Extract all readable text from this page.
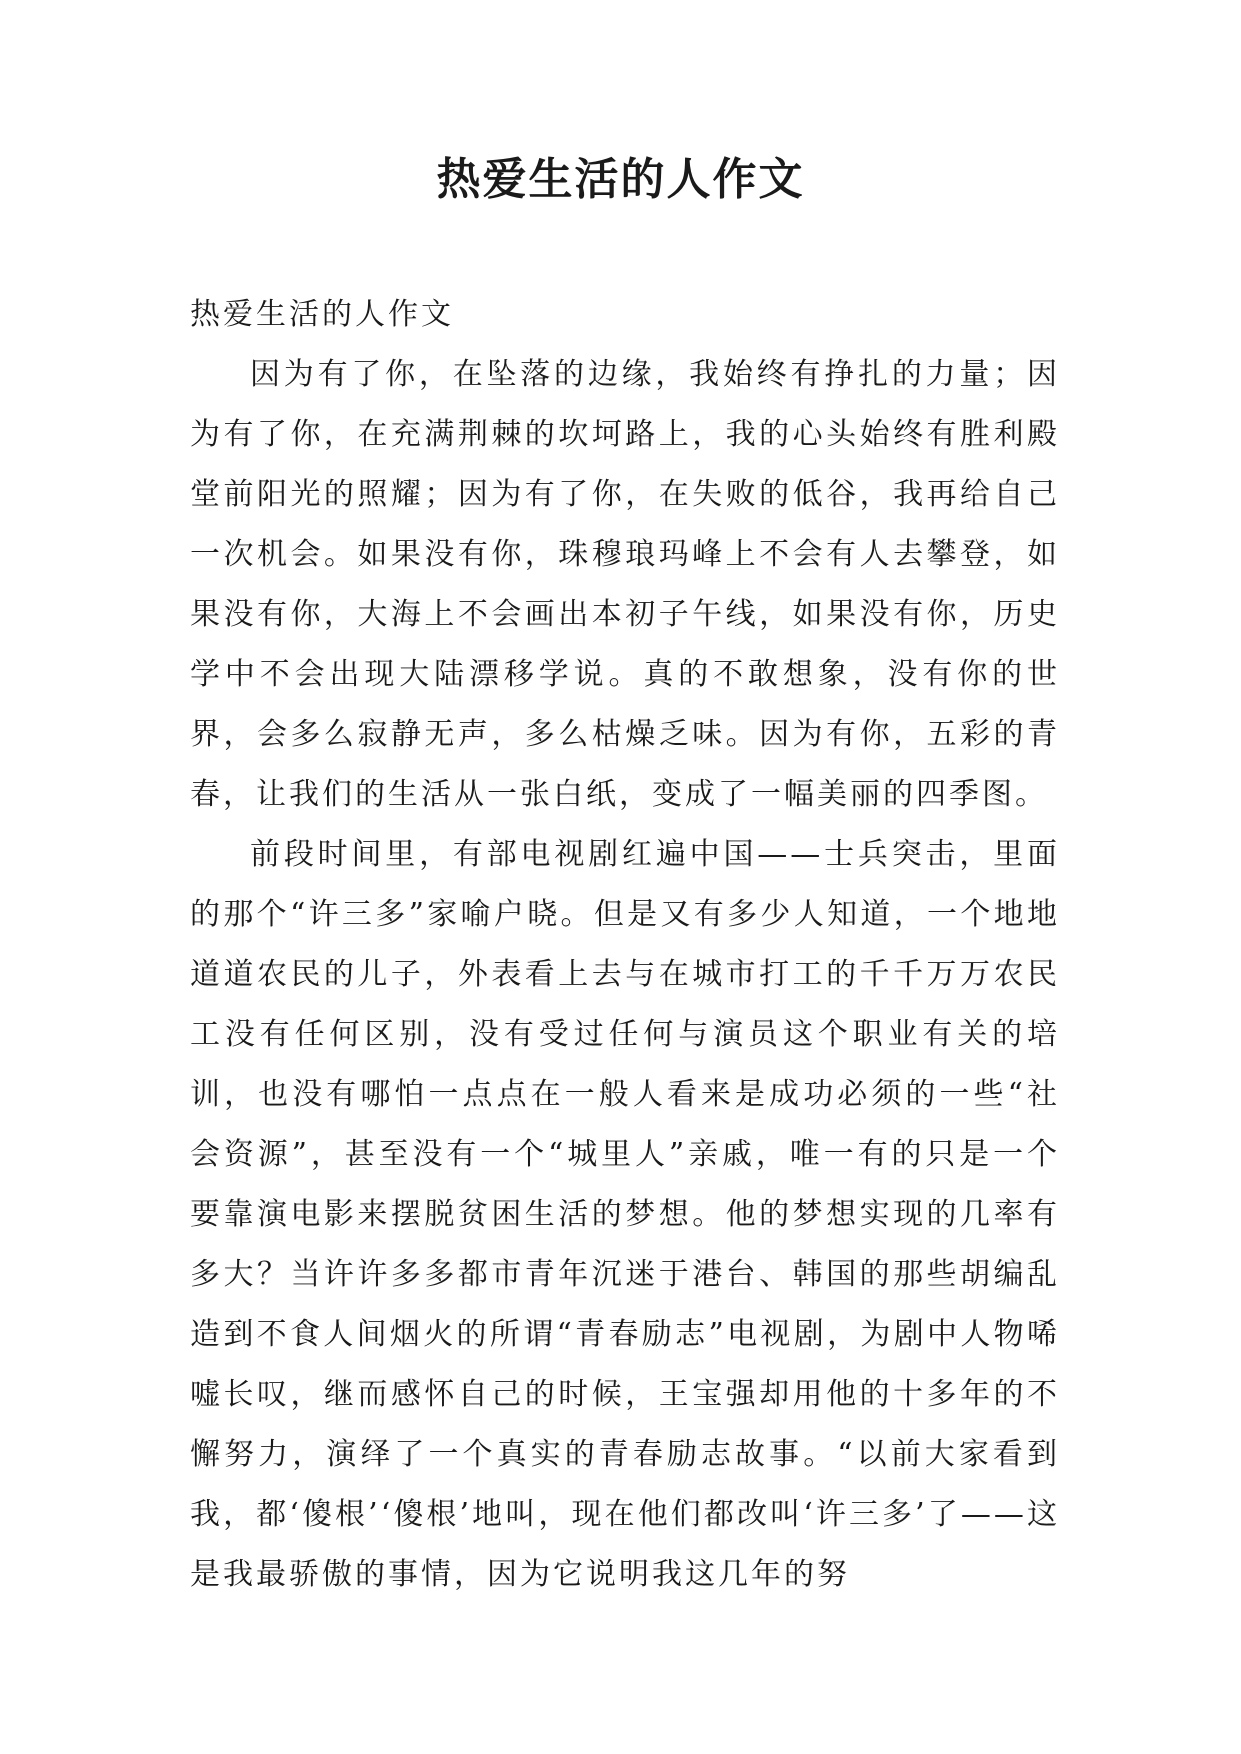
热爱生活的人作文

热爱生活的人作文

因为有了你，在坠落的边缘，我始终有挣扎的力量；因为有了你，在充满荆棘的坎坷路上，我的心头始终有胜利殿堂前阳光的照耀；因为有了你，在失败的低谷，我再给自己一次机会。如果没有你，珠穆琅玛峰上不会有人去攀登，如果没有你，大海上不会画出本初子午线，如果没有你，历史学中不会出现大陆漂移学说。真的不敢想象，没有你的世界，会多么寂静无声，多么枯燥乏味。因为有你，五彩的青春，让我们的生活从一张白纸，变成了一幅美丽的四季图。

前段时间里，有部电视剧红遍中国——士兵突击，里面的那个“许三多”家喻户晓。但是又有多少人知道，一个地地道道农民的儿子，外表看上去与在城市打工的千千万万农民工没有任何区别，没有受过任何与演员这个职业有关的培训，也没有哪怕一点点在一般人看来是成功必须的一些“社会资源”，甚至没有一个“城里人”亲戚，唯一有的只是一个要靠演电影来摆脱贫困生活的梦想。他的梦想实现的几率有多大？当许许多多都市青年沉迷于港台、韩国的那些胡编乱造到不食人间烟火的所谓“青春励志”电视剧，为剧中人物唏嘘长叹，继而感怀自己的时候，王宝强却用他的十多年的不懈努力，演绎了一个真实的青春励志故事。“以前大家看到我，都‘傻根’‘傻根’地叫，现在他们都改叫‘许三多’了——这是我最骄傲的事情，因为它说明我这几年的努
